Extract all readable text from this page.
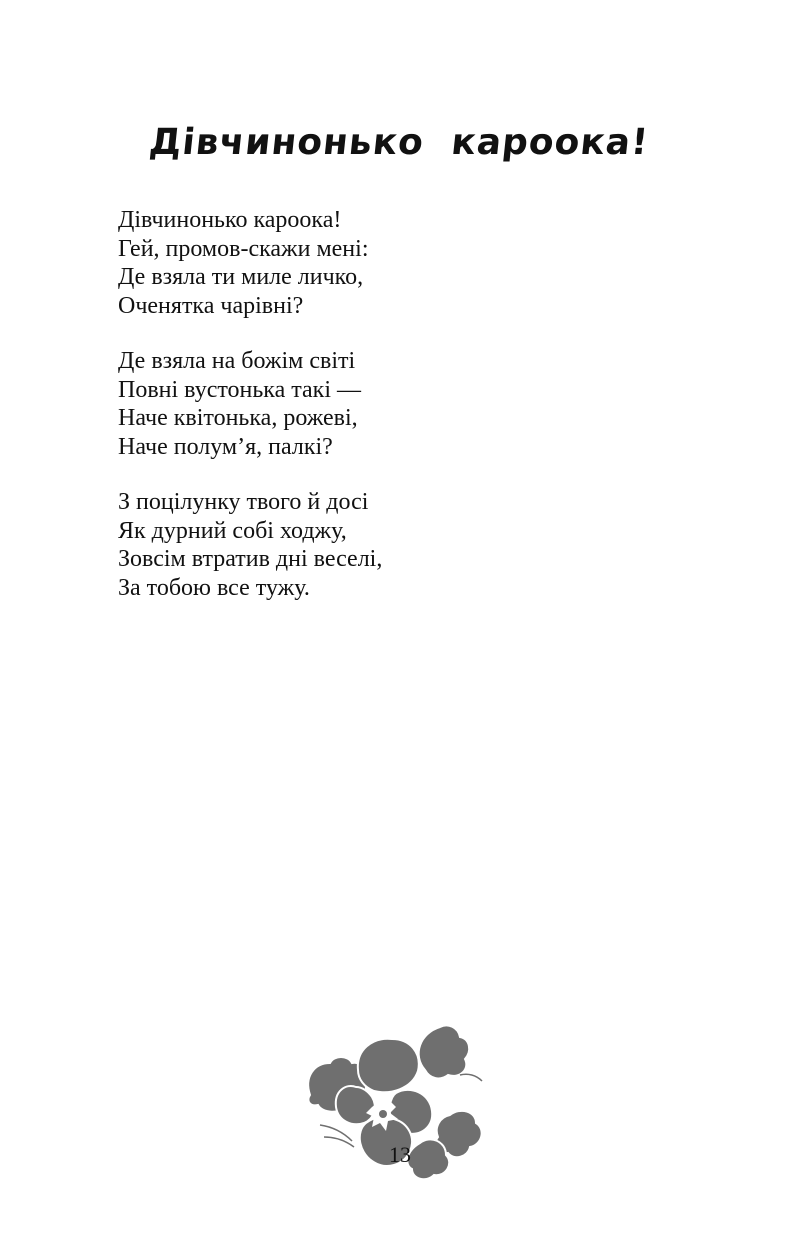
Дівчинонько кароока!
Дівчинонько кароока!
Гей, промов-скажи мені:
Де взяла ти миле личко,
Оченятка чарівні?
Де взяла на божім світі
Повні вустонька такі —
Наче квітонька, рожеві,
Наче полум’я, палкі?
З поцілунку твого й досі
Як дурний собі ходжу,
Зовсім втратив дні веселі,
За тобою все тужу.
13
